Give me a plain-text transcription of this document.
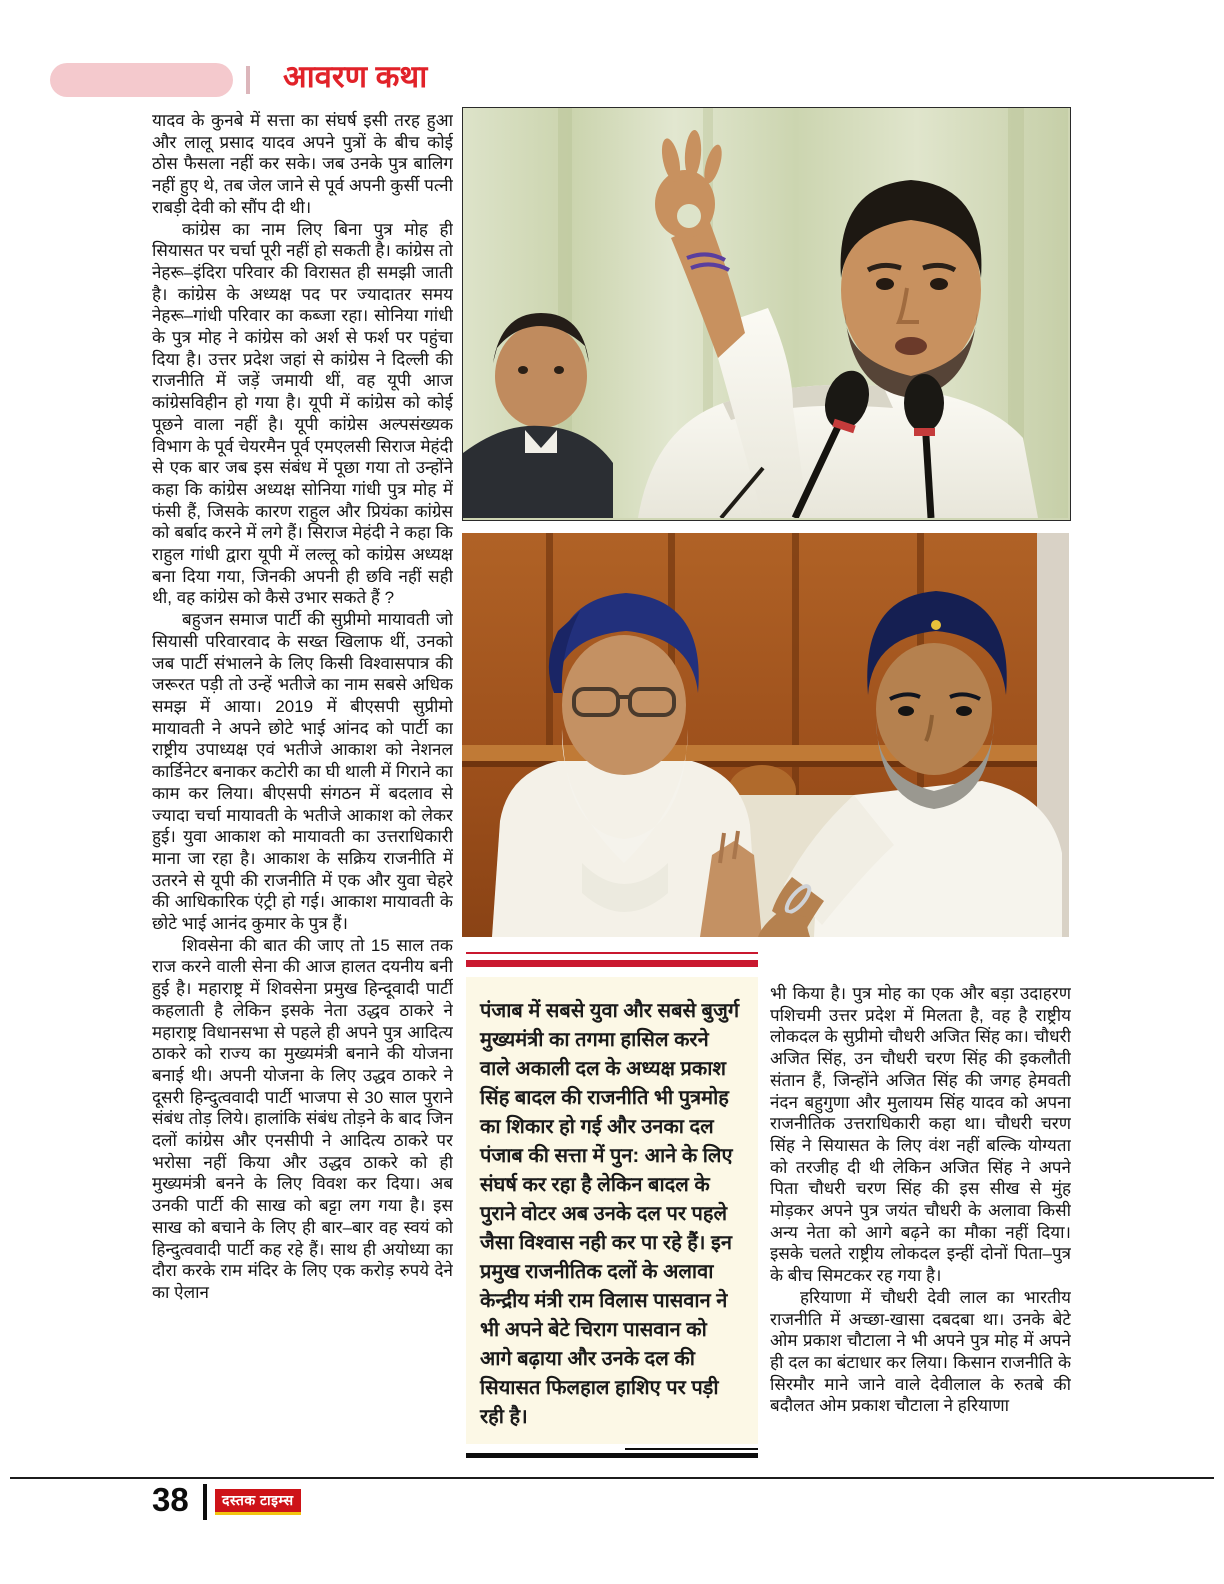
आवरण कथा

यादव के कुनबे में सत्ता का संघर्ष इसी तरह हुआ और लालू प्रसाद यादव अपने पुत्रों के बीच कोई ठोस फैसला नहीं कर सके। जब उनके पुत्र बालिग नहीं हुए थे, तब जेल जाने से पूर्व अपनी कुर्सी पत्नी राबड़ी देवी को सौंप दी थी।

कांग्रेस का नाम लिए बिना पुत्र मोह ही सियासत पर चर्चा पूरी नहीं हो सकती है। कांग्रेस तो नेहरू–इंदिरा परिवार की विरासत ही समझी जाती है। कांग्रेस के अध्यक्ष पद पर ज्यादातर समय नेहरू–गांधी परिवार का कब्जा रहा। सोनिया गांधी के पुत्र मोह ने कांग्रेस को अर्श से फर्श पर पहुंचा दिया है। उत्तर प्रदेश जहां से कांग्रेस ने दिल्ली की राजनीति में जड़ें जमायी थीं, वह यूपी आज कांग्रेसविहीन हो गया है। यूपी में कांग्रेस को कोई पूछने वाला नहीं है। यूपी कांग्रेस अल्पसंख्यक विभाग के पूर्व चेयरमैन पूर्व एमएलसी सिराज मेहंदी से एक बार जब इस संबंध में पूछा गया तो उन्होंने कहा कि कांग्रेस अध्यक्ष सोनिया गांधी पुत्र मोह में फंसी हैं, जिसके कारण राहुल और प्रियंका कांग्रेस को बर्बाद करने में लगे हैं। सिराज मेहंदी ने कहा कि राहुल गांधी द्वारा यूपी में लल्लू को कांग्रेस अध्यक्ष बना दिया गया, जिनकी अपनी ही छवि नहीं सही थी, वह कांग्रेस को कैसे उभार सकते हैं ?

बहुजन समाज पार्टी की सुप्रीमो मायावती जो सियासी परिवारवाद के सख्त खिलाफ थीं, उनको जब पार्टी संभालने के लिए किसी विश्वासपात्र की जरूरत पड़ी तो उन्हें भतीजे का नाम सबसे अधिक समझ में आया। 2019 में बीएसपी सुप्रीमो मायावती ने अपने छोटे भाई आंनद को पार्टी का राष्ट्रीय उपाध्यक्ष एवं भतीजे आकाश को नेशनल कार्डिनेटर बनाकर कटोरी का घी थाली में गिराने का काम कर लिया। बीएसपी संगठन में बदलाव से ज्यादा चर्चा मायावती के भतीजे आकाश को लेकर हुई। युवा आकाश को मायावती का उत्तराधिकारी माना जा रहा है। आकाश के सक्रिय राजनीति में उतरने से यूपी की राजनीति में एक और युवा चेहरे की आधिकारिक एंट्री हो गई। आकाश मायावती के छोटे भाई आनंद कुमार के पुत्र हैं।

शिवसेना की बात की जाए तो 15 साल तक राज करने वाली सेना की आज हालत दयनीय बनी हुई है। महाराष्ट्र में शिवसेना प्रमुख हिन्दूवादी पार्टी कहलाती है लेकिन इसके नेता उद्धव ठाकरे ने महाराष्ट्र विधानसभा से पहले ही अपने पुत्र आदित्य ठाकरे को राज्य का मुख्यमंत्री बनाने की योजना बनाई थी। अपनी योजना के लिए उद्धव ठाकरे ने दूसरी हिन्दुत्ववादी पार्टी भाजपा से 30 साल पुराने संबंध तोड़ लिये। हालांकि संबंध तोड़ने के बाद जिन दलों कांग्रेस और एनसीपी ने आदित्य ठाकरे पर भरोसा नहीं किया और उद्धव ठाकरे को ही मुख्यमंत्री बनने के लिए विवश कर दिया। अब उनकी पार्टी की साख को बट्टा लग गया है। इस साख को बचाने के लिए ही बार–बार वह स्वयं को हिन्दुत्ववादी पार्टी कह रहे हैं। साथ ही अयोध्या का दौरा करके राम मंदिर के लिए एक करोड़ रुपये देने का ऐलान

पंजाब में सबसे युवा और सबसे बुजुर्ग मुख्यमंत्री का तगमा हासिल करने वाले अकाली दल के अध्यक्ष प्रकाश सिंह बादल की राजनीति भी पुत्रमोह का शिकार हो गई और उनका दल पंजाब की सत्ता में पुन: आने के लिए संघर्ष कर रहा है लेकिन बादल के पुराने वोटर अब उनके दल पर पहले जैसा विश्वास नही कर पा रहे हैं। इन प्रमुख राजनीतिक दलों के अलावा केन्द्रीय मंत्री राम विलास पासवान ने भी अपने बेटे चिराग पासवान को आगे बढ़ाया और उनके दल की सियासत फिलहाल हाशिए पर पड़ी रही है।

भी किया है। पुत्र मोह का एक और बड़ा उदाहरण पशिचमी उत्तर प्रदेश में मिलता है, वह है राष्ट्रीय लोकदल के सुप्रीमो चौधरी अजित सिंह का। चौधरी अजित सिंह, उन चौधरी चरण सिंह की इकलौती संतान हैं, जिन्होंने अजित सिंह की जगह हेमवती नंदन बहुगुणा और मुलायम सिंह यादव को अपना राजनीतिक उत्तराधिकारी कहा था। चौधरी चरण सिंह ने सियासत के लिए वंश नहीं बल्कि योग्यता को तरजीह दी थी लेकिन अजित सिंह ने अपने पिता चौधरी चरण सिंह की इस सीख से मुंह मोड़कर अपने पुत्र जयंत चौधरी के अलावा किसी अन्य नेता को आगे बढ़ने का मौका नहीं दिया। इसके चलते राष्ट्रीय लोकदल इन्हीं दोनों पिता–पुत्र के बीच सिमटकर रह गया है।

हरियाणा में चौधरी देवी लाल का भारतीय राजनीति में अच्छा-खासा दबदबा था। उनके बेटे ओम प्रकाश चौटाला ने भी अपने पुत्र मोह में अपने ही दल का बंटाधार कर लिया। किसान राजनीति के सिरमौर माने जाने वाले देवीलाल के रुतबे की बदौलत ओम प्रकाश चौटाला ने हरियाणा

38	दस्तक टाइम्स
